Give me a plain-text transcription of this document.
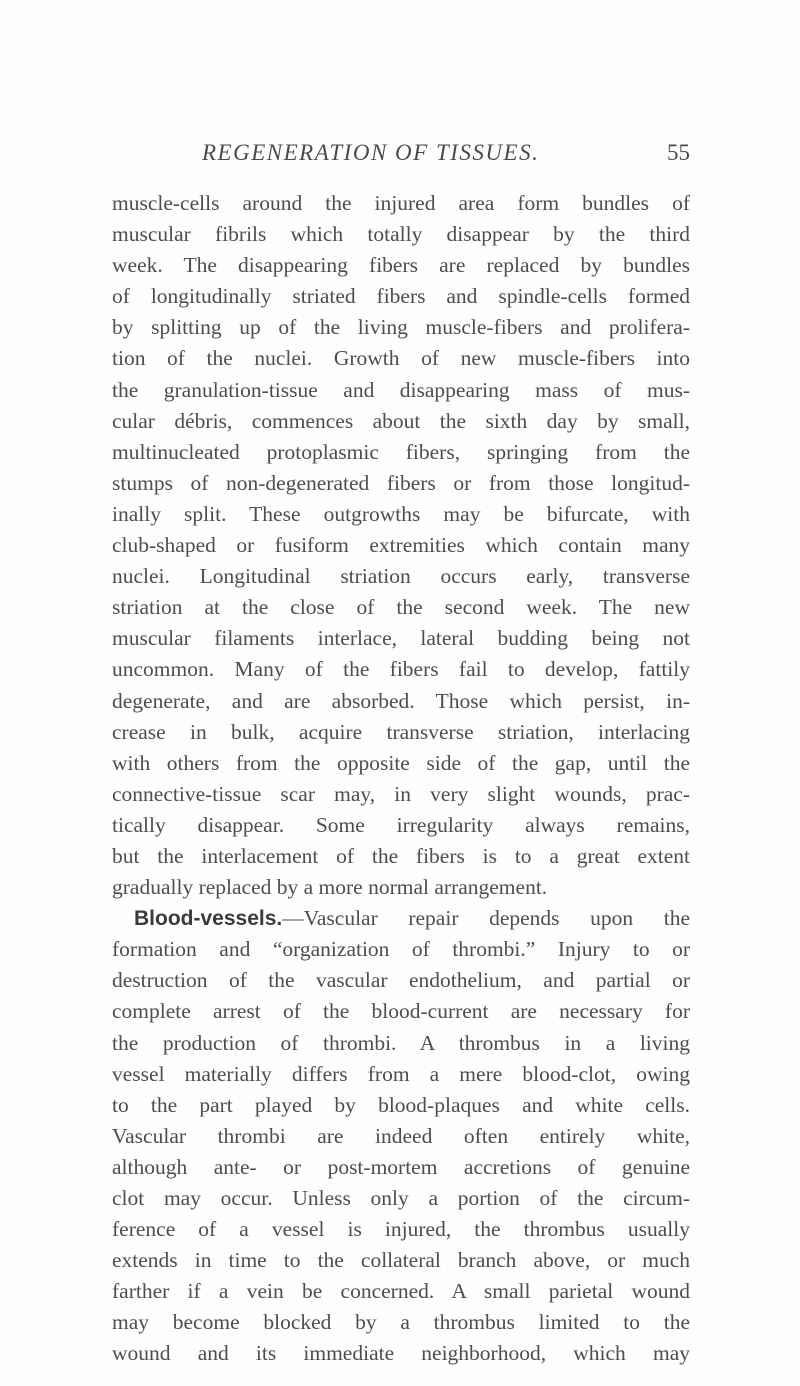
REGENERATION OF TISSUES.	55
muscle-cells around the injured area form bundles of
muscular fibrils which totally disappear by the third
week. The disappearing fibers are replaced by bundles
of longitudinally striated fibers and spindle-cells formed
by splitting up of the living muscle-fibers and prolifera-
tion of the nuclei. Growth of new muscle-fibers into
the granulation-tissue and disappearing mass of mus-
cular débris, commences about the sixth day by small,
multinucleated protoplasmic fibers, springing from the
stumps of non-degenerated fibers or from those longitud-
inally split. These outgrowths may be bifurcate, with
club-shaped or fusiform extremities which contain many
nuclei. Longitudinal striation occurs early, transverse
striation at the close of the second week. The new
muscular filaments interlace, lateral budding being not
uncommon. Many of the fibers fail to develop, fattily
degenerate, and are absorbed. Those which persist, in-
crease in bulk, acquire transverse striation, interlacing
with others from the opposite side of the gap, until the
connective-tissue scar may, in very slight wounds, prac-
tically disappear. Some irregularity always remains,
but the interlacement of the fibers is to a great extent
gradually replaced by a more normal arrangement.
Blood-vessels.—Vascular repair depends upon the
formation and “organization of thrombi.” Injury to or
destruction of the vascular endothelium, and partial or
complete arrest of the blood-current are necessary for
the production of thrombi. A thrombus in a living
vessel materially differs from a mere blood-clot, owing
to the part played by blood-plaques and white cells.
Vascular thrombi are indeed often entirely white,
although ante- or post-mortem accretions of genuine
clot may occur. Unless only a portion of the circum-
ference of a vessel is injured, the thrombus usually
extends in time to the collateral branch above, or much
farther if a vein be concerned. A small parietal wound
may become blocked by a thrombus limited to the
wound and its immediate neighborhood, which may
